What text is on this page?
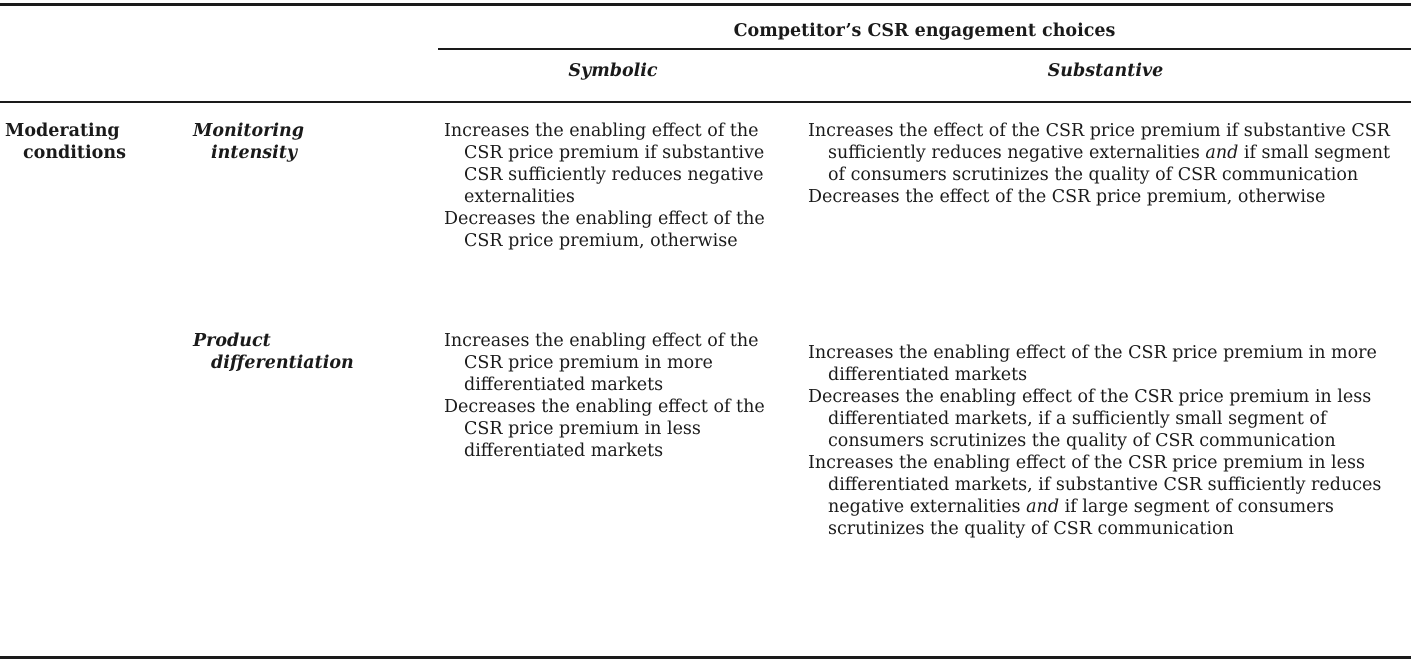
Competitor’s CSR engagement choices
Symbolic	Substantive
Moderating
conditions
Monitoring
intensity
Increases the enabling effect of the CSR price premium if substantive CSR sufficiently reduces negative externalities
Decreases the enabling effect of the CSR price premium, otherwise
Increases the effect of the CSR price premium if substantive CSR sufficiently reduces negative externalities and if small segment of consumers scrutinizes the quality of CSR communication
Decreases the effect of the CSR price premium, otherwise
Product
differentiation
Increases the enabling effect of the CSR price premium in more differentiated markets
Decreases the enabling effect of the CSR price premium in less differentiated markets
Increases the enabling effect of the CSR price premium in more differentiated markets
Decreases the enabling effect of the CSR price premium in less differentiated markets, if a sufficiently small segment of consumers scrutinizes the quality of CSR communication
Increases the enabling effect of the CSR price premium in less differentiated markets, if substantive CSR sufficiently reduces negative externalities and if large segment of consumers scrutinizes the quality of CSR communication
